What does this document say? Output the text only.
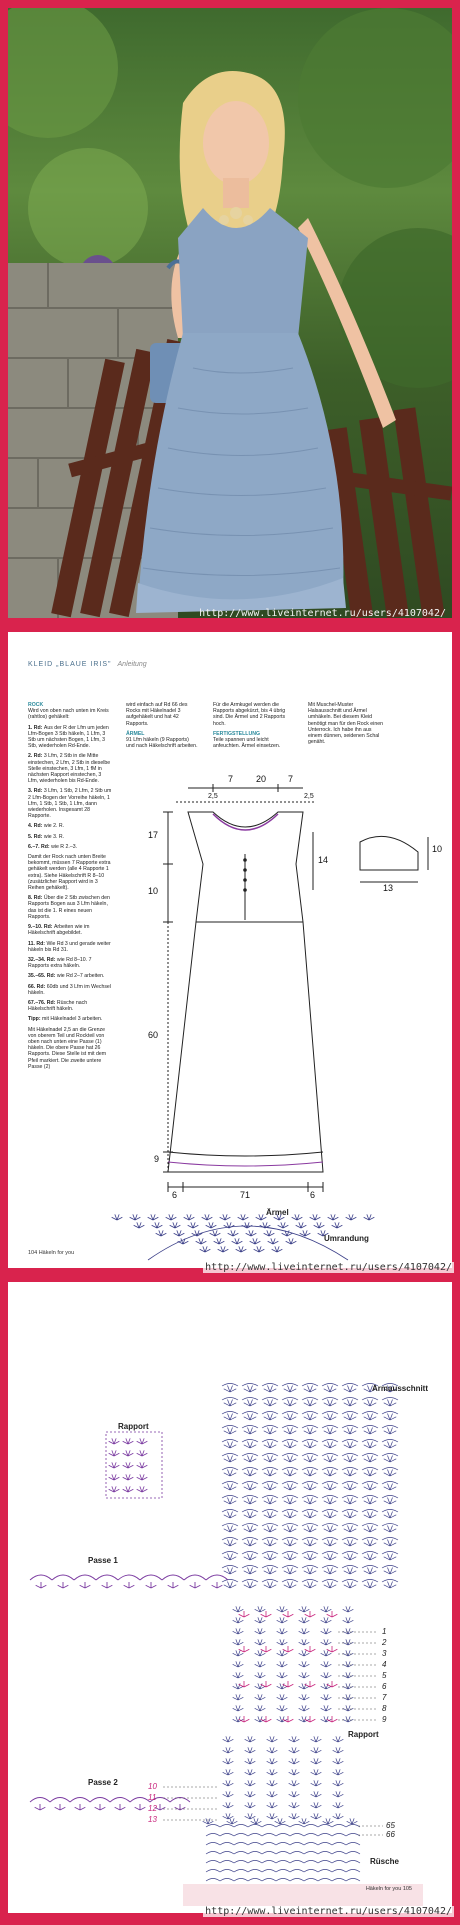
http://www.liveinternet.ru/users/4107042/
KLEID „BLAUE IRIS" Anleitung

ROCK
Wird von oben nach unten im Kreis (rahtlos) gehäkelt:

1. Rd: Aus der R der Lfm um jeden Lfm-Bogen 3 Stb häkeln, 1 Lfm, 3 Stb um nächsten Bogen, 1 Lfm, 3 Stb, wiederholen Rd-Ende.

2. Rd: 3 Lfm, 2 Stb in die Mitte einstechen, 2 Lfm, 2 Stb in dieselbe Stelle einstechen, 3 Lfm, 1 fM in nächsten Rapport einstechen, 3 Lfm, wiederholen bis Rd-Ende.

3. Rd: 3 Lfm, 1 Stb, 2 Lfm, 2 Stb um 2 Lfm-Bogen der Vorreihe häkeln, 1 Lfm, 1 Stb, 1 Stb, 1 Lfm, dann wiederholen. Insgesamt 28 Rapporte.

4. Rd: wie 2. R.

5. Rd: wie 3. R.

6.–7. Rd: wie R 2.–3.

Damit der Rock nach unten Breite bekommt, müssen 7 Rapporte extra gehäkelt werden (alle 4 Rapporte 1 extra). Siehe Häkelschrift R 8–10 (zusätzlicher Rapport wird in 3 Reihen gehäkelt).

8. Rd: Über die 2 Stb zwischen den Rapports Bogen aus 3 Lfm häkeln, das ist die 1. R eines neuen Rapports.

9.–10. Rd: Arbeiten wie im Häkelschrift abgebildet.

11. Rd: Wie Rd 3 und gerade weiter häkeln bis Rd 31.

32.–34. Rd: wie Rd 8–10. 7 Rapports extra häkeln.

35.–65. Rd: wie Rd 2–7 arbeiten.

66. Rd: 60db und 3 Lfm im Wechsel häkeln.

67.–76. Rd: Rüsche nach Häkelschrift häkeln.

Tipp: mit Häkelnadel 3 arbeiten.

Mit Häkelnadel 2,5 an die Grenze von oberem Teil und Rockteil von oben nach unten eine Passe (1) häkeln. Die obere Passe hat 26 Rapports. Diese Stelle ist mit dem Pfeil markiert. Die zweite untere Passe (2)

wird einfach auf Rd 66 des Rocks mit Häkelnadel 3 aufgehäkelt und hat 42 Rapports.

ÄRMEL
91 Lfm häkeln (9 Rapports) und nach Häkelschrift arbeiten.

Für die Armkugel werden die Rapports abgekürzt, bis 4 übrig sind. Die Ärmel und 2 Rapports hoch.

FERTIGSTELLUNG
Teile spannen und leicht anfeuchten. Ärmel einsetzen.

Mit Muschel-Muster Halsausschnitt und Ärmel umhäkeln. Bei diesem Kleid benötigt man für den Rock einen Unterrock. Ich habe ihn aus einem dünnen, seidenen Schal genäht.

7	20 7
2,5	2,5
17
10
60
9
14
6	71	6
10
13
Ärmel
Umrandung
104 Häkeln for you
http://www.liveinternet.ru/users/4107042/
Rapport
Armausschnitt
Passe 1
Passe 2
Rapport
Rüsche
1
2
3
4
5
6
7
8
9
10
11
12
13
65
66
Häkeln for you 105
http://www.liveinternet.ru/users/4107042/
